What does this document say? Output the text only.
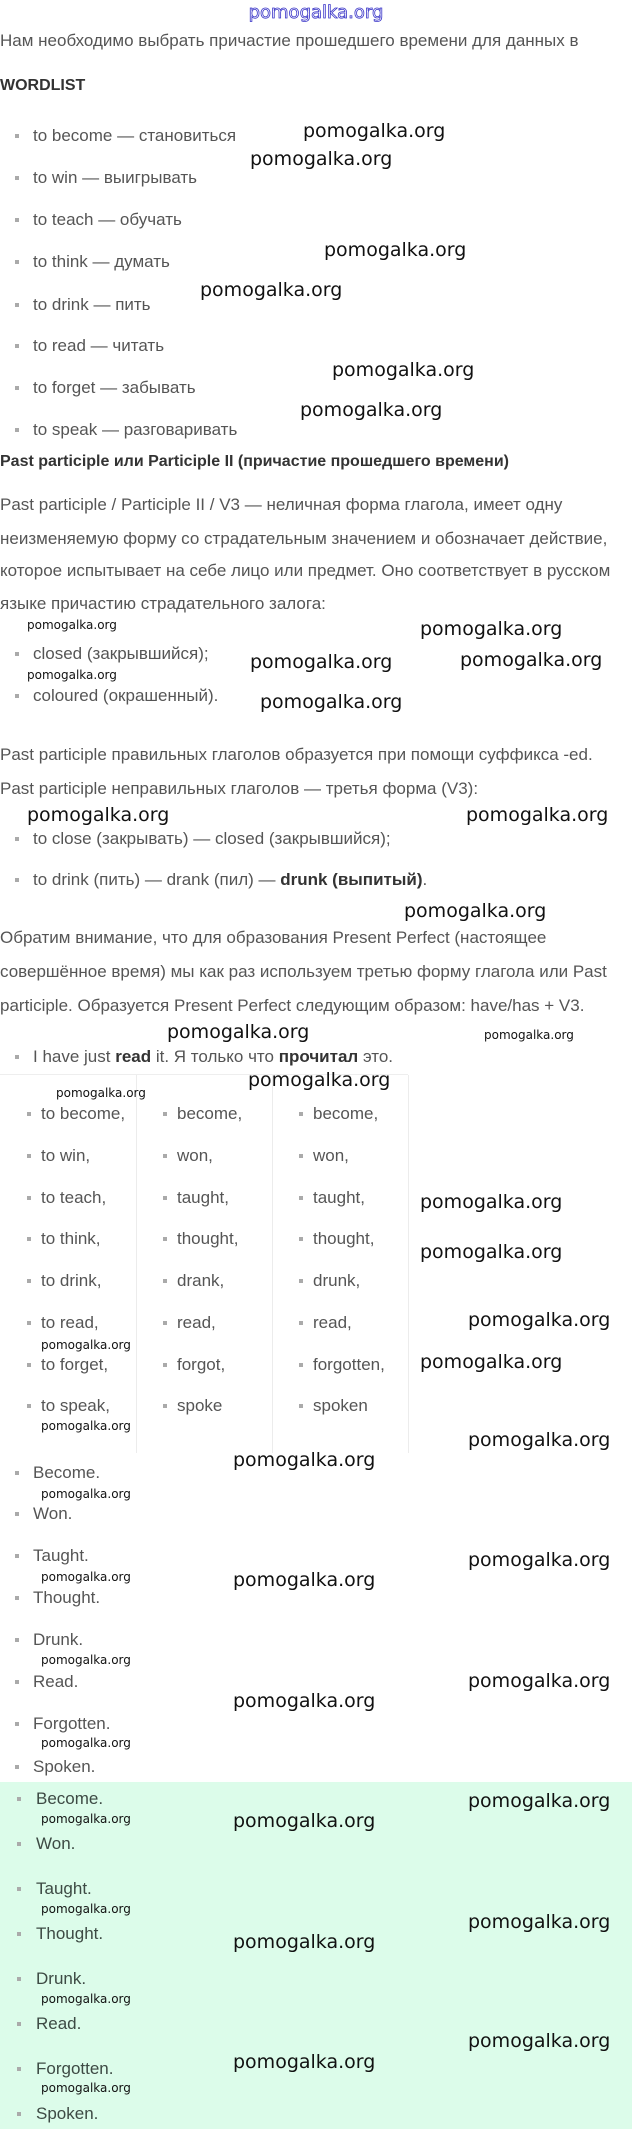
pomogalka.org
Нам необходимо выбрать причастие прошедшего времени для данных в
WORDLIST
to become — становиться
to win — выигрывать
to teach — обучать
to think — думать
to drink — пить
to read — читать
to forget — забывать
to speak — разговаривать
Past participle или Participle II (причастие прошедшего времени)
Past participle / Participle II / V3 — неличная форма глагола, имеет одну
неизменяемую форму со страдательным значением и обозначает действие,
которое испытывает на себе лицо или предмет. Оно соответствует в русском
языке причастию страдательного залога:
closed (закрывшийся);
coloured (окрашенный).
Past participle правильных глаголов образуется при помощи суффикса -ed.
Past participle неправильных глаголов — третья форма (V3):
to close (закрывать) — closed (закрывшийся);
to drink (пить) — drank (пил) — drunk (выпитый).
Обратим внимание, что для образования Present Perfect (настоящее
совершённое время) мы как раз используем третью форму глагола или Past
participle. Образуется Present Perfect следующим образом: have/has + V3.
I have just read it. Я только что прочитал это.
to become,	become,	become,
to win,	won,	won,
to teach,	taught,	taught,
to think,	thought,	thought,
to drink,	drank,	drunk,
to read,	read,	read,
to forget,	forgot,	forgotten,
to speak,	spoke	spoken
Become.
Won.
Taught.
Thought.
Drunk.
Read.
Forgotten.
Spoken.
Become.
Won.
Taught.
Thought.
Drunk.
Read.
Forgotten.
Spoken.
pomogalka.org
pomogalka.org
pomogalka.org
pomogalka.org
pomogalka.org
pomogalka.org
pomogalka.org
pomogalka.org	pomogalka.org
pomogalka.org
pomogalka.org
pomogalka.org
pomogalka.org
pomogalka.org
pomogalka.org
pomogalka.org
pomogalka.org
pomogalka.org
pomogalka.org
pomogalka.org
pomogalka.org
pomogalka.org
pomogalka.org
pomogalka.org
pomogalka.org
pomogalka.org
pomogalka.org
pomogalka.org
pomogalka.org
pomogalka.org
pomogalka.org
pomogalka.org
pomogalka.org
pomogalka.org
pomogalka.org
pomogalka.org
pomogalka.org
pomogalka.org
pomogalka.org
pomogalka.org
pomogalka.org
pomogalka.org
pomogalka.org
pomogalka.org
pomogalka.org
